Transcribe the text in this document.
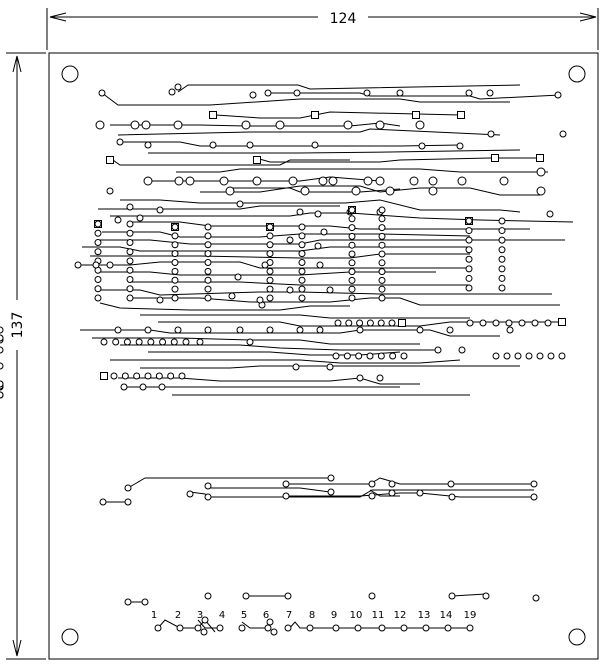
124
137
1 2 3 4 5 6 7 8 9 10 11 12 13 14 19
